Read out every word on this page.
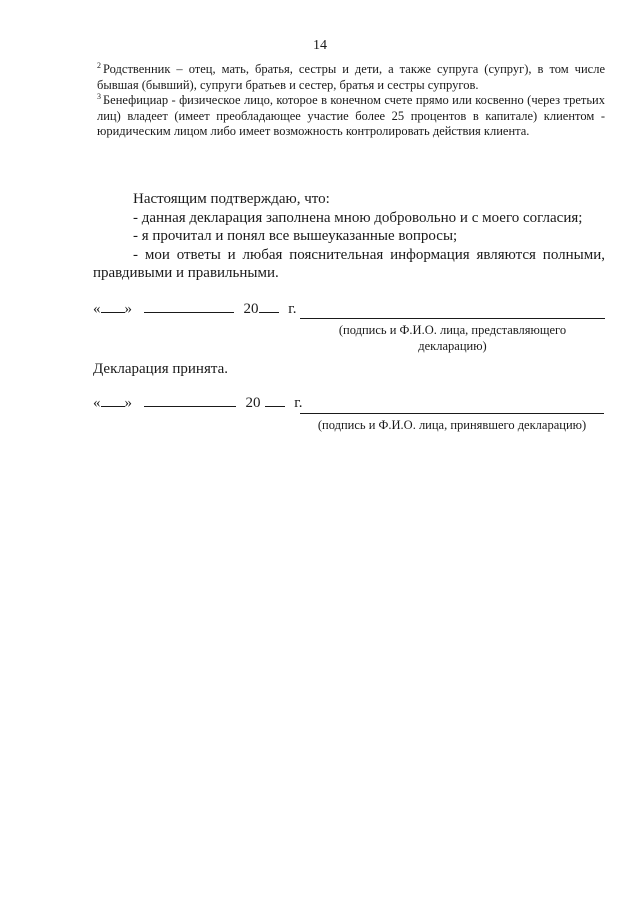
14

$^2$ Родственник – отец, мать, братья, сестры и дети, а также супруга (супруг), в том числе бывшая (бывший), супруги братьев и сестер, братья и сестры супругов.

$^3$ Бенефициар - физическое лицо, которое в конечном счете прямо или косвенно (через третьих лиц) владеет (имеет преобладающее участие более 25 процентов в капитале) клиентом - юридическим лицом либо имеет возможность контролировать действия клиента.

Настоящим подтверждаю, что:

- данная декларация заполнена мною добровольно и с моего согласия;

- я прочитал и понял все вышеуказанные вопросы;

- мои ответы и любая пояснительная информация являются полными, правдивыми и правильными.

« »	20 г.
(подпись и Ф.И.О. лица, представляющего
декларацию)
Декларация принята.
« »	20 г.
(подпись и Ф.И.О. лица, принявшего декларацию)
